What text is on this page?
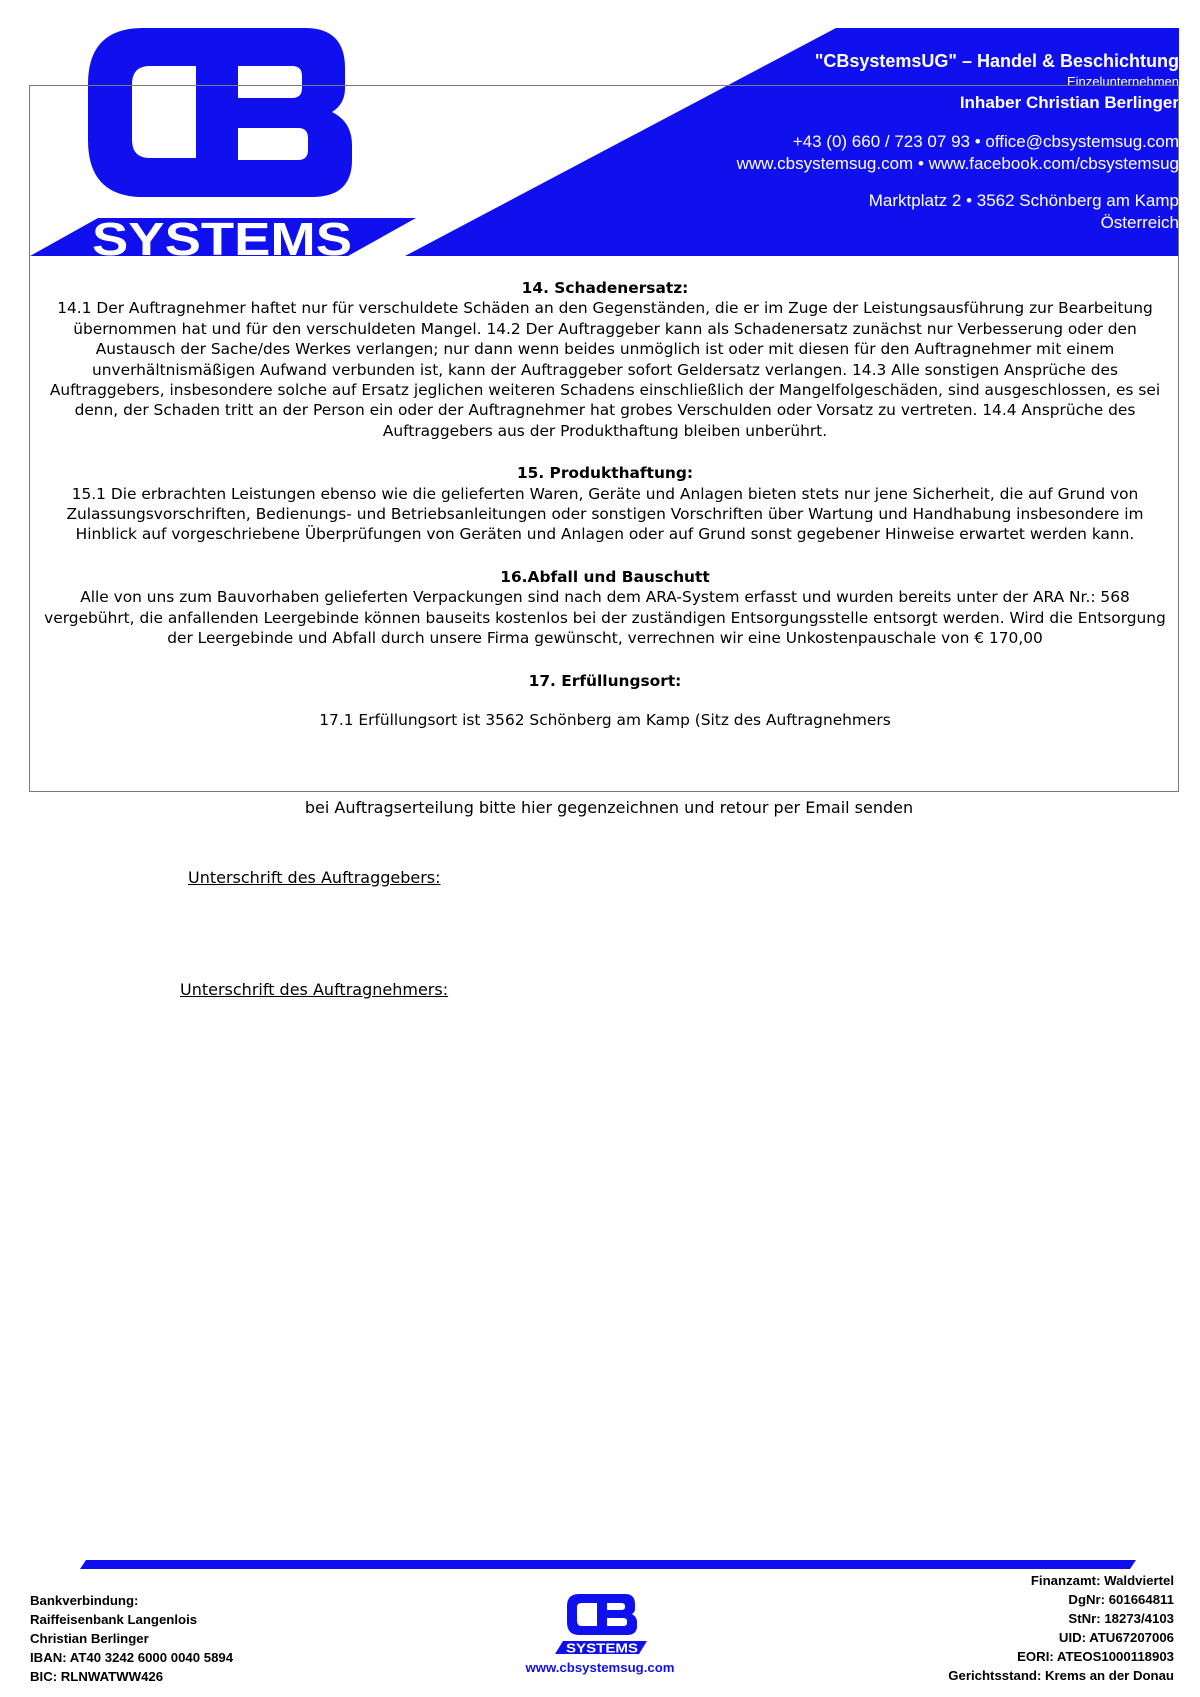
SYSTEMS
"CBsystemsUG" – Handel & Beschichtung
Einzelunternehmen
Inhaber Christian Berlinger
+43 (0) 660 / 723 07 93 • office@cbsystemsug.com
www.cbsystemsug.com • www.facebook.com/cbsystemsug
Marktplatz 2 • 3562 Schönberg am Kamp
Österreich
14. Schadenersatz:

14.1 Der Auftragnehmer haftet nur für verschuldete Schäden an den Gegenständen, die er im Zuge der Leistungsausführung zur Bearbeitung übernommen hat und für den verschuldeten Mangel. 14.2 Der Auftraggeber kann als Schadenersatz zunächst nur Verbesserung oder den Austausch der Sache/des Werkes verlangen; nur dann wenn beides unmöglich ist oder mit diesen für den Auftragnehmer mit einem unverhältnismäßigen Aufwand verbunden ist, kann der Auftraggeber sofort Geldersatz verlangen. 14.3 Alle sonstigen Ansprüche des Auftraggebers, insbesondere solche auf Ersatz jeglichen weiteren Schadens einschließlich der Mangelfolgeschäden, sind ausgeschlossen, es sei denn, der Schaden tritt an der Person ein oder der Auftragnehmer hat grobes Verschulden oder Vorsatz zu vertreten. 14.4 Ansprüche des Auftraggebers aus der Produkthaftung bleiben unberührt.

15. Produkthaftung:

15.1 Die erbrachten Leistungen ebenso wie die gelieferten Waren, Geräte und Anlagen bieten stets nur jene Sicherheit, die auf Grund von Zulassungsvorschriften, Bedienungs- und Betriebsanleitungen oder sonstigen Vorschriften über Wartung und Handhabung insbesondere im Hinblick auf vorgeschriebene Überprüfungen von Geräten und Anlagen oder auf Grund sonst gegebener Hinweise erwartet werden kann.

16.Abfall und Bauschutt

Alle von uns zum Bauvorhaben gelieferten Verpackungen sind nach dem ARA-System erfasst und wurden bereits unter der ARA Nr.: 568 vergebührt, die anfallenden Leergebinde können bauseits kostenlos bei der zuständigen Entsorgungsstelle entsorgt werden. Wird die Entsorgung der Leergebinde und Abfall durch unsere Firma gewünscht, verrechnen wir eine Unkostenpauschale von € 170,00

17. Erfüllungsort:

17.1 Erfüllungsort ist 3562 Schönberg am Kamp (Sitz des Auftragnehmers

bei Auftragserteilung bitte hier gegenzeichnen und retour per Email senden
Unterschrift des Auftraggebers:
Unterschrift des Auftragnehmers:
Bankverbindung:
Raiffeisenbank Langenlois
Christian Berlinger
IBAN: AT40 3242 6000 0040 5894
BIC: RLNWATWW426
SYSTEMS
www.cbsystemsug.com
Finanzamt: Waldviertel
DgNr: 601664811
StNr: 18273/4103
UID: ATU67207006
EORI: ATEOS1000118903
Gerichtsstand: Krems an der Donau
